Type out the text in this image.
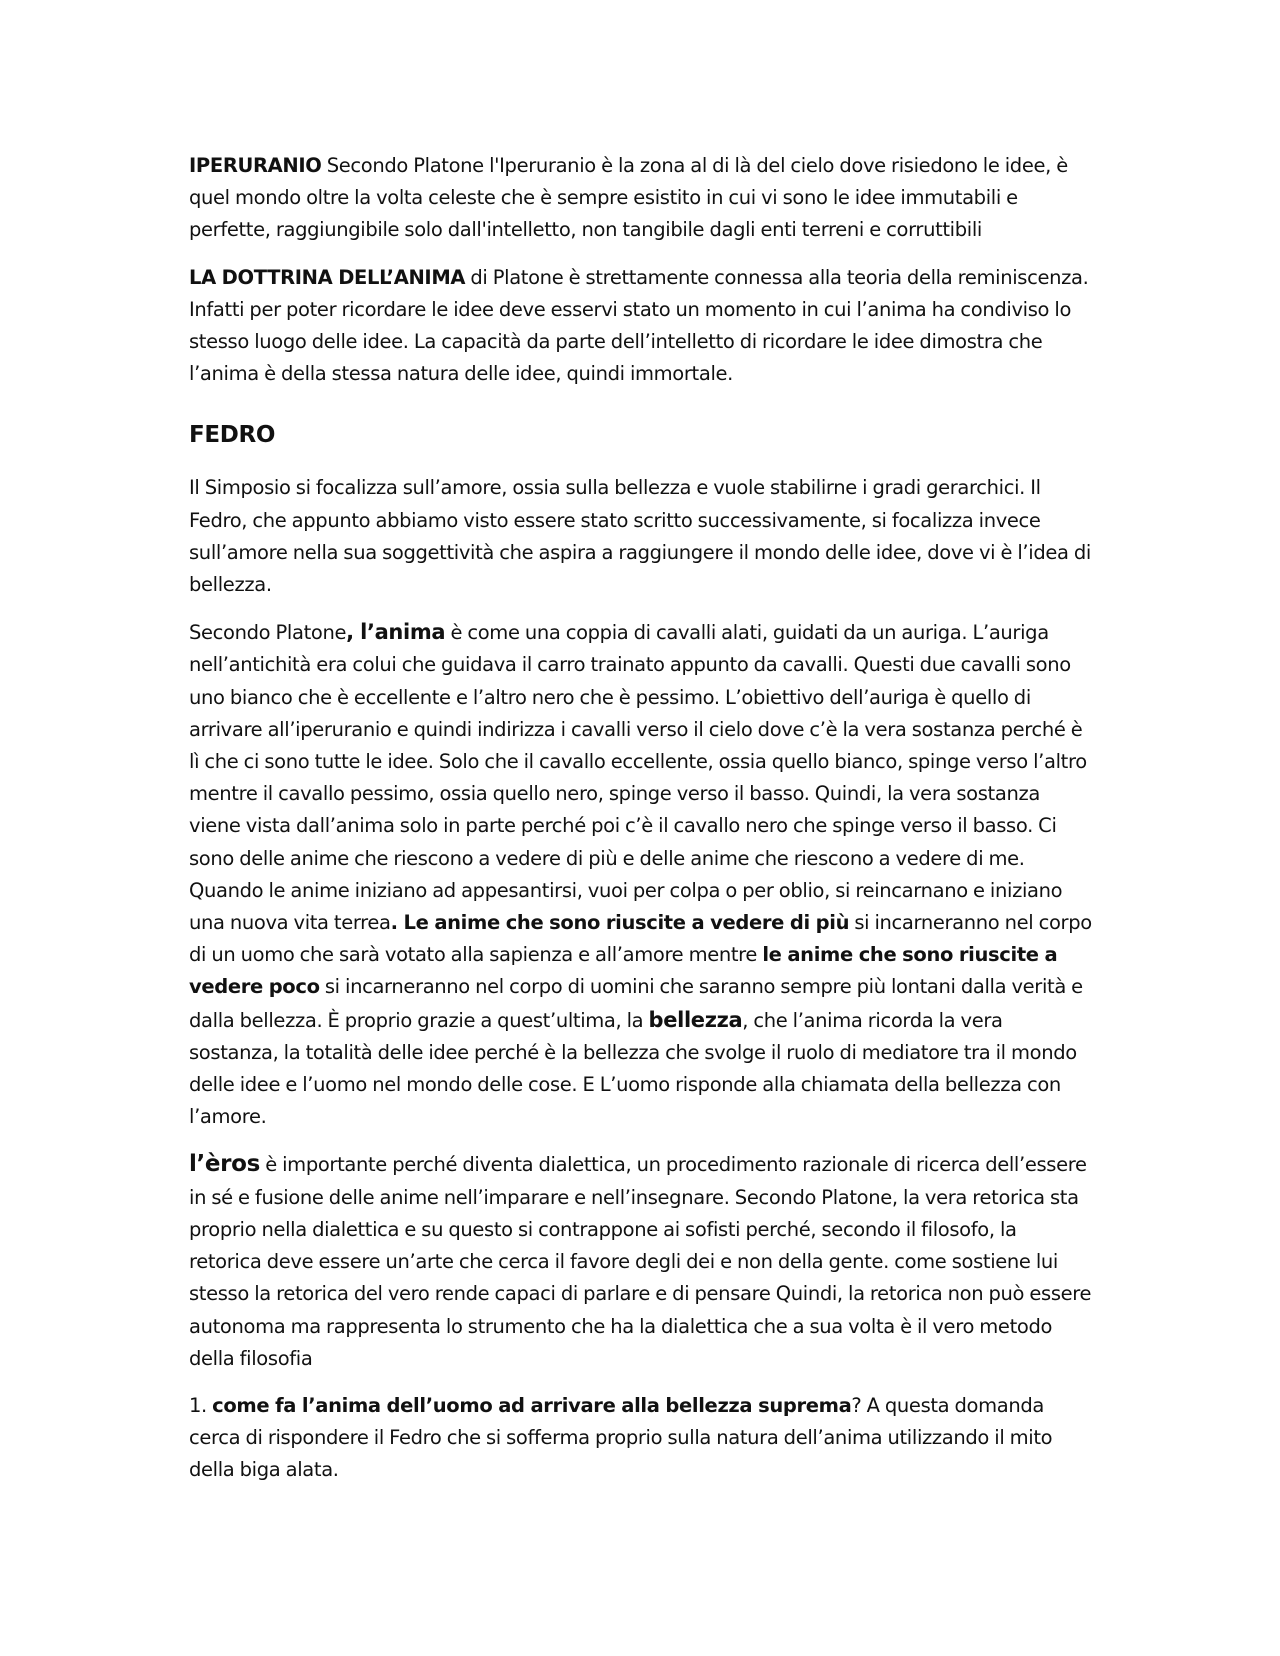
IPERURANIO Secondo Platone l'Iperuranio è la zona al di là del cielo dove risiedono le idee, è quel mondo oltre la volta celeste che è sempre esistito in cui vi sono le idee immutabili e perfette, raggiungibile solo dall'intelletto, non tangibile dagli enti terreni e corruttibili

LA DOTTRINA DELL’ANIMA di Platone è strettamente connessa alla teoria della reminiscenza. Infatti per poter ricordare le idee deve esservi stato un momento in cui l’anima ha condiviso lo stesso luogo delle idee. La capacità da parte dell’intelletto di ricordare le idee dimostra che l’anima è della stessa natura delle idee, quindi immortale.

FEDRO

Il Simposio si focalizza sull’amore, ossia sulla bellezza e vuole stabilirne i gradi gerarchici. Il Fedro, che appunto abbiamo visto essere stato scritto successivamente, si focalizza invece sull’amore nella sua soggettività che aspira a raggiungere il mondo delle idee, dove vi è l’idea di bellezza.

Secondo Platone, l’anima è come una coppia di cavalli alati, guidati da un auriga. L’auriga nell’antichità era colui che guidava il carro trainato appunto da cavalli. Questi due cavalli sono uno bianco che è eccellente e l’altro nero che è pessimo. L’obiettivo dell’auriga è quello di arrivare all’iperuranio e quindi indirizza i cavalli verso il cielo dove c’è la vera sostanza perché è lì che ci sono tutte le idee. Solo che il cavallo eccellente, ossia quello bianco, spinge verso l’altro mentre il cavallo pessimo, ossia quello nero, spinge verso il basso. Quindi, la vera sostanza viene vista dall’anima solo in parte perché poi c’è il cavallo nero che spinge verso il basso. Ci sono delle anime che riescono a vedere di più e delle anime che riescono a vedere di me. Quando le anime iniziano ad appesantirsi, vuoi per colpa o per oblio, si reincarnano e iniziano una nuova vita terrea. Le anime che sono riuscite a vedere di più si incarneranno nel corpo di un uomo che sarà votato alla sapienza e all’amore mentre le anime che sono riuscite a vedere poco si incarneranno nel corpo di uomini che saranno sempre più lontani dalla verità e dalla bellezza. È proprio grazie a quest’ultima, la bellezza, che l’anima ricorda la vera sostanza, la totalità delle idee perché è la bellezza che svolge il ruolo di mediatore tra il mondo delle idee e l’uomo nel mondo delle cose. E L’uomo risponde alla chiamata della bellezza con l’amore.

l’èros è importante perché diventa dialettica, un procedimento razionale di ricerca dell’essere in sé e fusione delle anime nell’imparare e nell’insegnare. Secondo Platone, la vera retorica sta proprio nella dialettica e su questo si contrappone ai sofisti perché, secondo il filosofo, la retorica deve essere un’arte che cerca il favore degli dei e non della gente. come sostiene lui stesso la retorica del vero rende capaci di parlare e di pensare Quindi, la retorica non può essere autonoma ma rappresenta lo strumento che ha la dialettica che a sua volta è il vero metodo della filosofia

1. come fa l’anima dell’uomo ad arrivare alla bellezza suprema? A questa domanda cerca di rispondere il Fedro che si sofferma proprio sulla natura dell’anima utilizzando il mito della biga alata.
